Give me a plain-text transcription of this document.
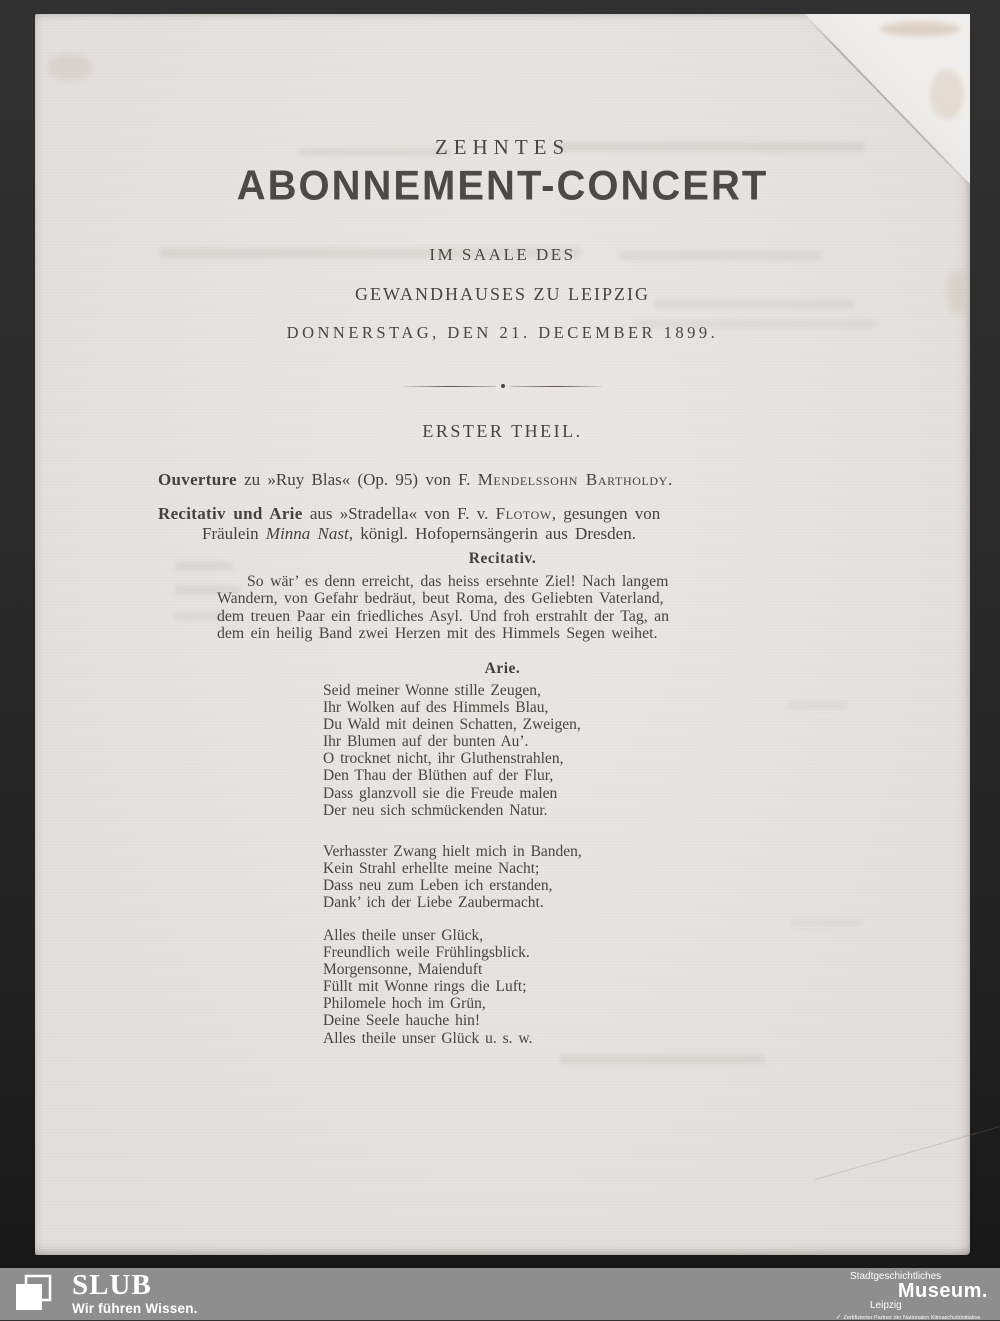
ZEHNTES
ABONNEMENT-CONCERT
IM SAALE DES
GEWANDHAUSES ZU LEIPZIG
DONNERSTAG, DEN 21. DECEMBER 1899.
ERSTER THEIL.

Ouverture zu »Ruy Blas« (Op. 95) von F. Mendelssohn Bartholdy.

Recitativ und Arie aus »Stradella« von F. v. Flotow, gesungen von
Fräulein Minna Nast, königl. Hofopernsängerin aus Dresden.

Recitativ.
So wär’ es denn erreicht, das heiss ersehnte Ziel! Nach langem
Wandern, von Gefahr bedräut, beut Roma, des Geliebten Vaterland,
dem treuen Paar ein friedliches Asyl. Und froh erstrahlt der Tag, an
dem ein heilig Band zwei Herzen mit des Himmels Segen weihet.
Arie.
Seid meiner Wonne stille Zeugen,
Ihr Wolken auf des Himmels Blau,
Du Wald mit deinen Schatten, Zweigen,
Ihr Blumen auf der bunten Au’.
O trocknet nicht, ihr Gluthenstrahlen,
Den Thau der Blüthen auf der Flur,
Dass glanzvoll sie die Freude malen
Der neu sich schmückenden Natur.
Verhasster Zwang hielt mich in Banden,
Kein Strahl erhellte meine Nacht;
Dass neu zum Leben ich erstanden,
Dank’ ich der Liebe Zaubermacht.
Alles theile unser Glück,
Freundlich weile Frühlingsblick.
Morgensonne, Maienduft
Füllt mit Wonne rings die Luft;
Philomele hoch im Grün,
Deine Seele hauche hin!
Alles theile unser Glück u. s. w.
SLUB
Wir führen Wissen.
Stadtgeschichtliches
Museum.
Leipzig
✓ Zertifizierter Partner der Nationalen Klimaschutzinitiative
